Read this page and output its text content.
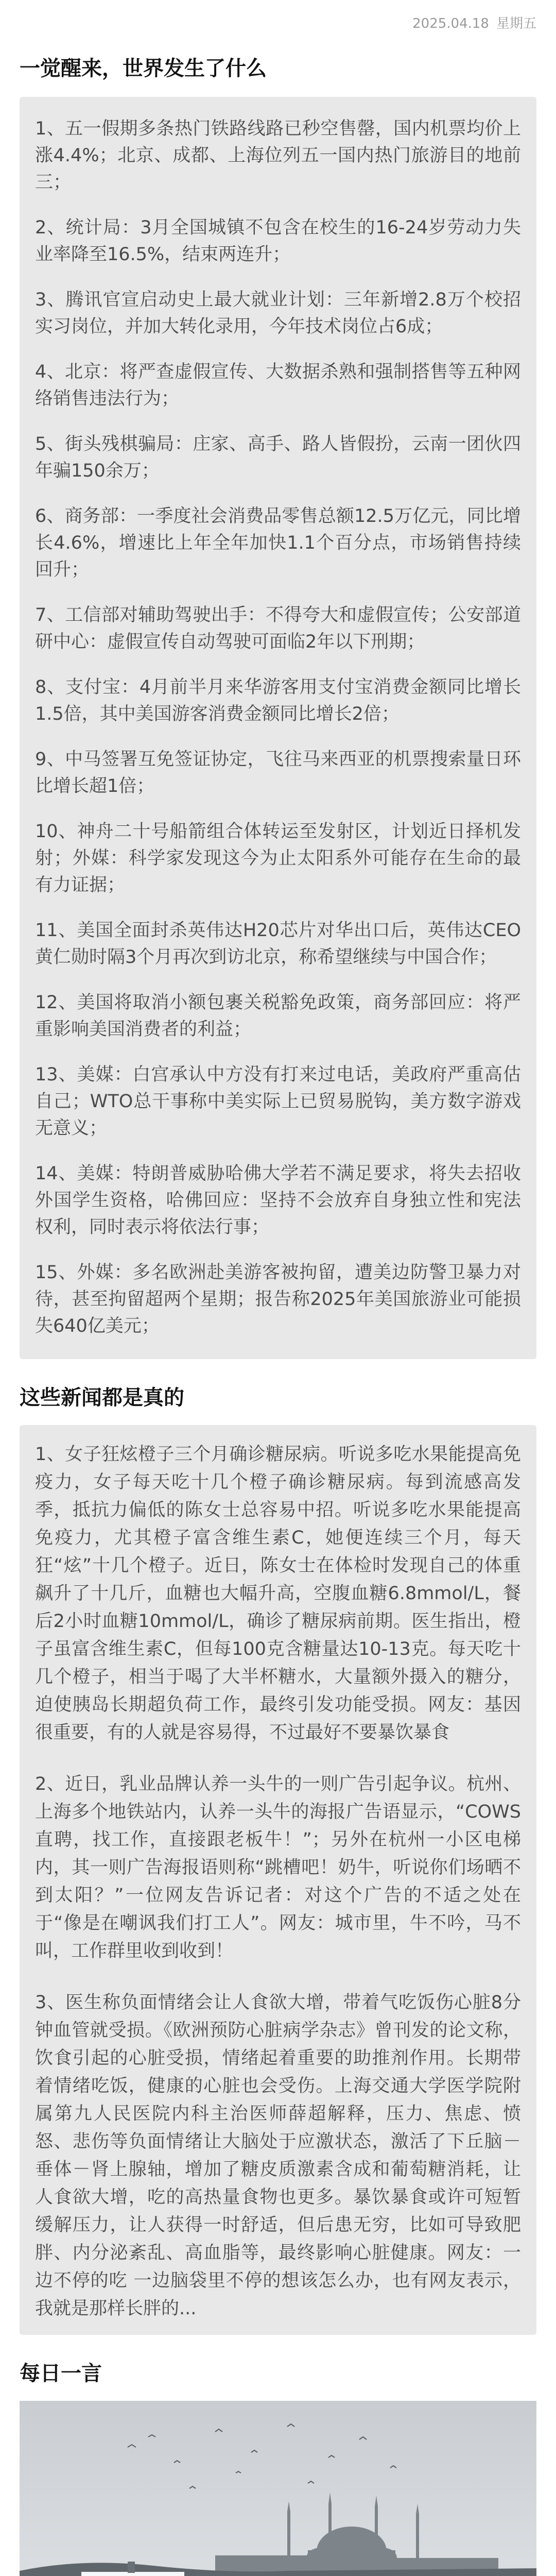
2025.04.18 星期五
一觉醒来，世界发生了什么

1、五一假期多条热门铁路线路已秒空售罄，国内机票均价上涨4.4%；北京、成都、上海位列五一国内热门旅游目的地前三；

2、统计局：3月全国城镇不包含在校生的16-24岁劳动力失业率降至16.5%，结束两连升；

3、腾讯官宣启动史上最大就业计划：三年新增2.8万个校招实习岗位，并加大转化录用，今年技术岗位占6成；

4、北京：将严查虚假宣传、大数据杀熟和强制搭售等五种网络销售违法行为；

5、街头残棋骗局：庄家、高手、路人皆假扮，云南一团伙四年骗150余万；

6、商务部：一季度社会消费品零售总额12.5万亿元，同比增长4.6%，增速比上年全年加快1.1个百分点，市场销售持续回升；

7、工信部对辅助驾驶出手：不得夸大和虚假宣传；公安部道研中心：虚假宣传自动驾驶可面临2年以下刑期；

8、支付宝：4月前半月来华游客用支付宝消费金额同比增长1.5倍，其中美国游客消费金额同比增长2倍；

9、中马签署互免签证协定，飞往马来西亚的机票搜索量日环比增长超1倍；

10、神舟二十号船箭组合体转运至发射区，计划近日择机发射；外媒：科学家发现这今为止太阳系外可能存在生命的最有力证据；

11、美国全面封杀英伟达H20芯片对华出口后，英伟达CEO黄仁勋时隔3个月再次到访北京，称希望继续与中国合作；

12、美国将取消小额包裹关税豁免政策，商务部回应：将严重影响美国消费者的利益；

13、美媒：白宫承认中方没有打来过电话，美政府严重高估自己；WTO总干事称中美实际上已贸易脱钩，美方数字游戏无意义；

14、美媒：特朗普威胁哈佛大学若不满足要求，将失去招收外国学生资格，哈佛回应：坚持不会放弃自身独立性和宪法权利，同时表示将依法行事；

15、外媒：多名欧洲赴美游客被拘留，遭美边防警卫暴力对待，甚至拘留超两个星期；报告称2025年美国旅游业可能损失640亿美元；

这些新闻都是真的

1、女子狂炫橙子三个月确诊糖尿病。听说多吃水果能提高免疫力，女子每天吃十几个橙子确诊糖尿病。每到流感高发季，抵抗力偏低的陈女士总容易中招。听说多吃水果能提高免疫力，尤其橙子富含维生素C，她便连续三个月，每天狂“炫”十几个橙子。近日，陈女士在体检时发现自己的体重飙升了十几斤，血糖也大幅升高，空腹血糖6.8mmol/L，餐后2小时血糖10mmol/L，确诊了糖尿病前期。医生指出，橙子虽富含维生素C，但每100克含糖量达10-13克。每天吃十几个橙子，相当于喝了大半杯糖水，大量额外摄入的糖分，迫使胰岛长期超负荷工作，最终引发功能受损。网友：基因很重要，有的人就是容易得，不过最好不要暴饮暴食

2、近日，乳业品牌认养一头牛的一则广告引起争议。杭州、上海多个地铁站内，认养一头牛的海报广告语显示，“COWS直聘，找工作，直接跟老板牛！”；另外在杭州一小区电梯内，其一则广告海报语则称“跳槽吧！奶牛，听说你们场晒不到太阳？”一位网友告诉记者：对这个广告的不适之处在于“像是在嘲讽我们打工人”。网友：城市里，牛不吟，马不叫，工作群里收到收到！

3、医生称负面情绪会让人食欲大增，带着气吃饭伤心脏8分钟血管就受损。《欧洲预防心脏病学杂志》曾刊发的论文称，饮食引起的心脏受损，情绪起着重要的助推剂作用。长期带着情绪吃饭，健康的心脏也会受伤。上海交通大学医学院附属第九人民医院内科主治医师薛超解释，压力、焦虑、愤怒、悲伤等负面情绪让大脑处于应激状态，激活了下丘脑－垂体－肾上腺轴，增加了糖皮质激素含成和葡萄糖消耗，让人食欲大增，吃的高热量食物也更多。暴饮暴食或许可短暂缓解压力，让人获得一时舒适，但后患无穷，比如可导致肥胖、内分泌紊乱、高血脂等，最终影响心脏健康。网友：一边不停的吃 一边脑袋里不停的想该怎么办，也有网友表示，我就是那样长胖的...

每日一言
